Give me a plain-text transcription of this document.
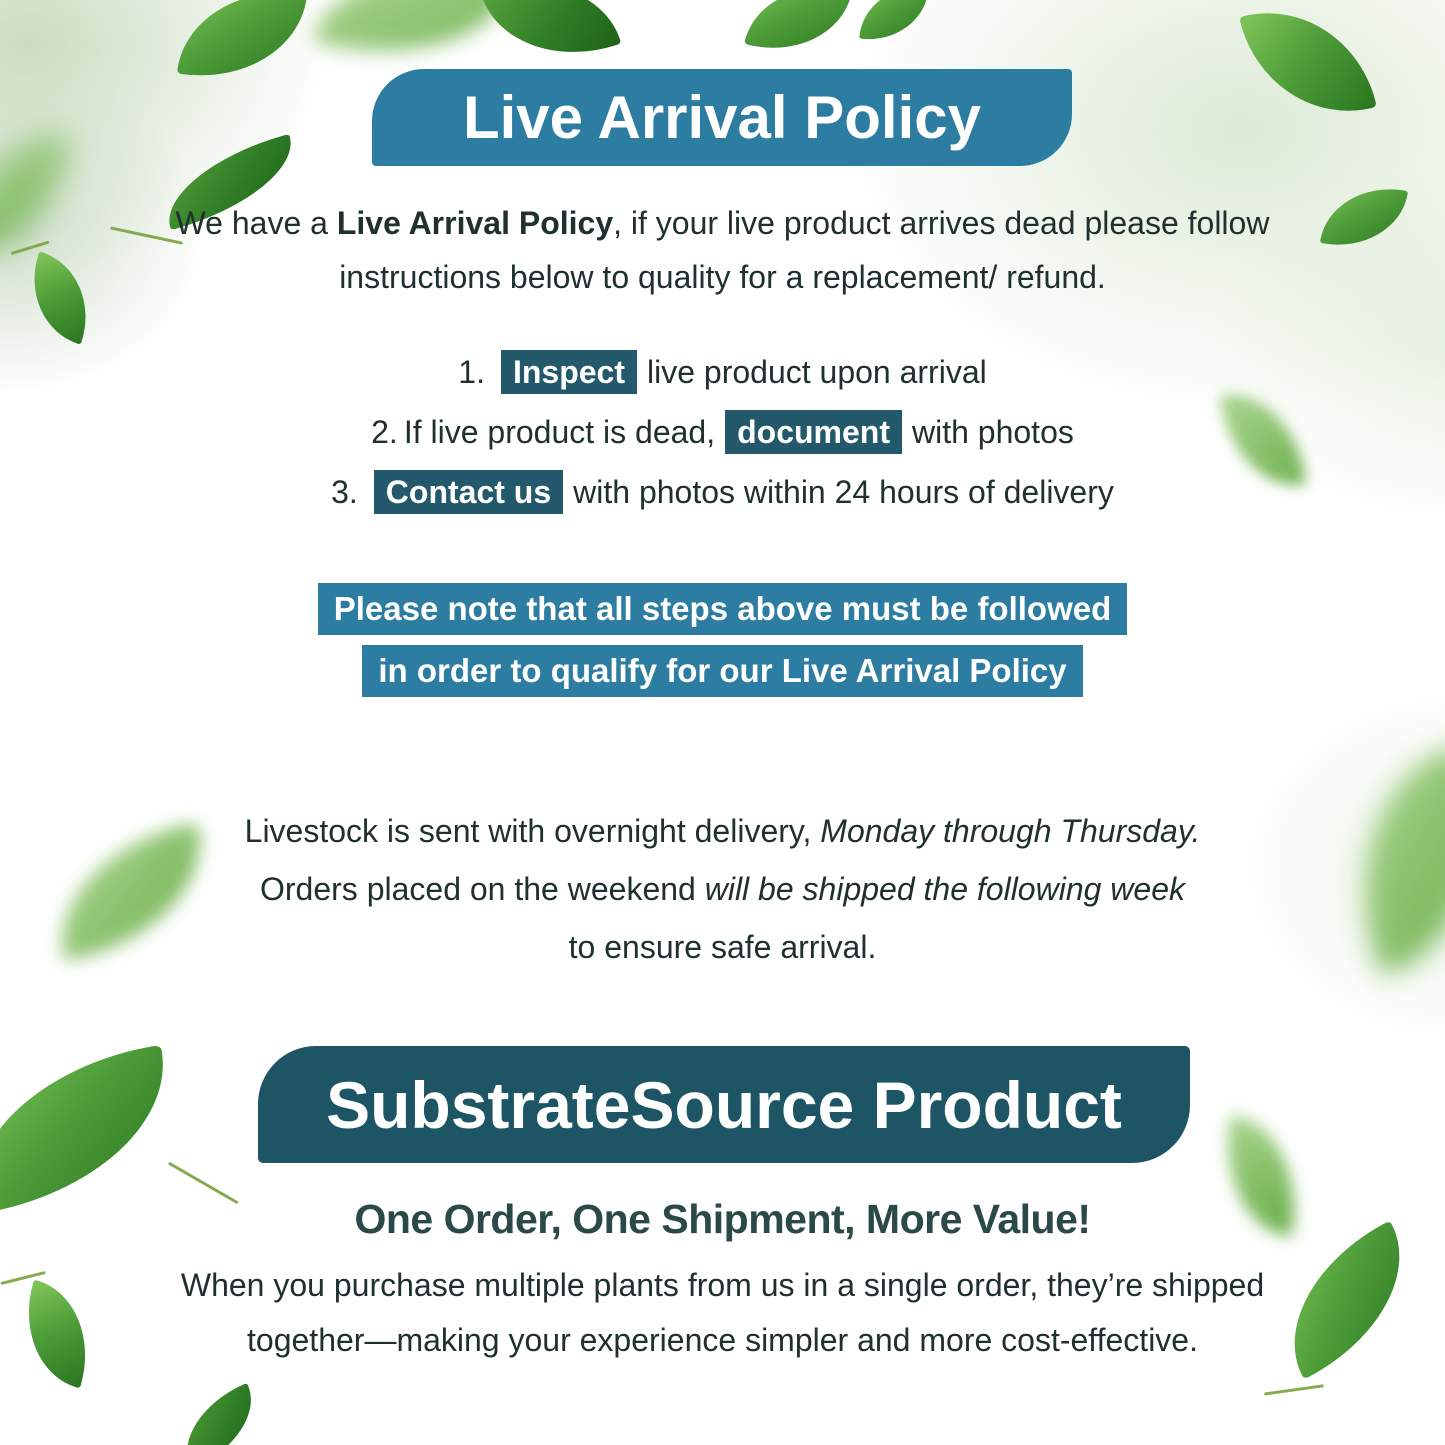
Live Arrival Policy
We have a Live Arrival Policy, if your live product arrives dead please follow
instructions below to quality for a replacement/ refund.
1. Inspect live product upon arrival
2. If live product is dead, document with photos
3. Contact us with photos within 24 hours of delivery
Please note that all steps above must be followed
in order to qualify for our Live Arrival Policy
Livestock is sent with overnight delivery, Monday through Thursday.
Orders placed on the weekend will be shipped the following week
to ensure safe arrival.
SubstrateSource Product
One Order, One Shipment, More Value!
When you purchase multiple plants from us in a single order, they’re shipped
together—making your experience simpler and more cost-effective.
